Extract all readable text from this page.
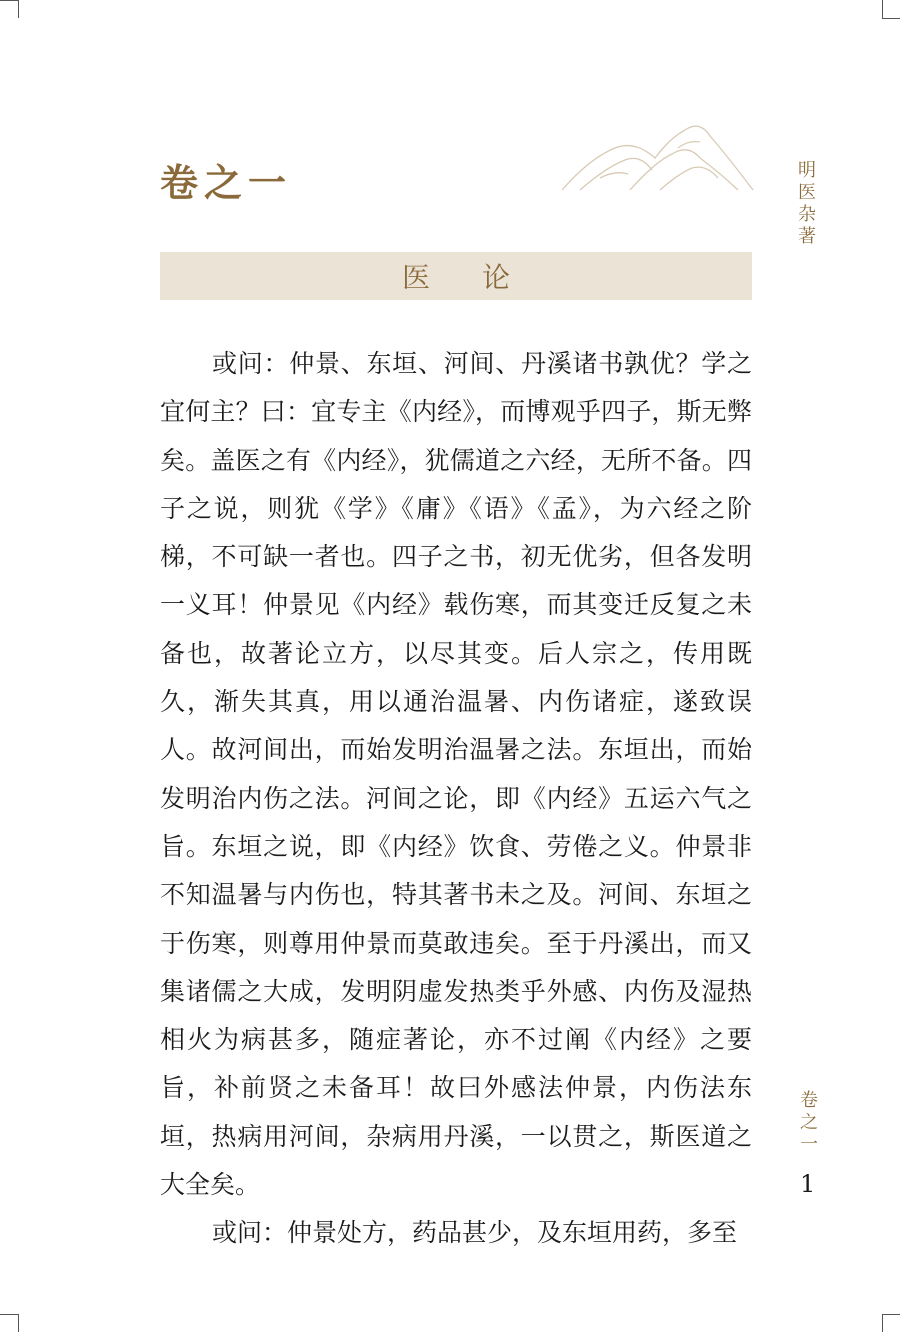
卷之一	明
医
杂
著
医论

或问：仲景、东垣、河间、丹溪诸书孰优？学之宜何主？曰：宜专主《内经》，而博观乎四子，斯无弊矣。盖医之有《内经》，犹儒道之六经，无所不备。四子之说，则犹《学》《庸》《语》《孟》，为六经之阶梯，不可缺一者也。四子之书，初无优劣，但各发明一义耳！仲景见《内经》载伤寒，而其变迁反复之未备也，故著论立方，以尽其变。后人宗之，传用既久，渐失其真，用以通治温暑、内伤诸症，遂致误人。故河间出，而始发明治温暑之法。东垣出，而始发明治内伤之法。河间之论，即《内经》五运六气之旨。东垣之说，即《内经》饮食、劳倦之义。仲景非不知温暑与内伤也，特其著书未之及。河间、东垣之于伤寒，则尊用仲景而莫敢违矣。至于丹溪出，而又集诸儒之大成，发明阴虚发热类乎外感、内伤及湿热相火为病甚多，随症著论，亦不过阐《内经》之要旨，补前贤之未备耳！故曰外感法仲景，内伤法东垣，热病用河间，杂病用丹溪，一以贯之，斯医道之大全矣。

或问：仲景处方，药品甚少，及东垣用药，多至

卷
之
一
1
